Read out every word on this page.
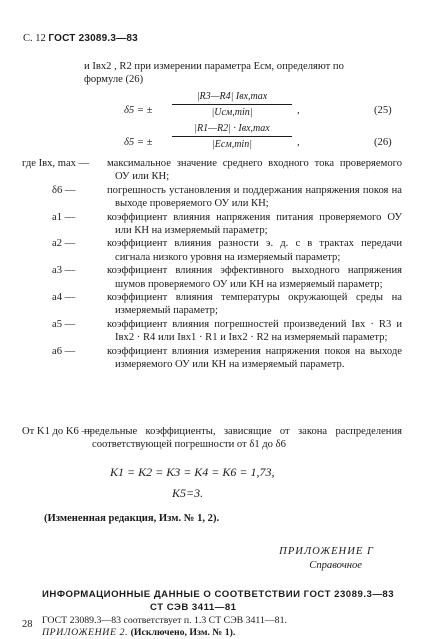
С. 12 ГОСТ 23089.3—83
и Iвх2 , R2 при измерении параметра Eсм, определяют по
формуле (26)
δ5 = ±
|R3—R4| Iвх,max
|Uсм,min|	,	(25)
δ5 = ±
|R1—R2| · Iвх,max
|Eсм,min|	,	(26)
где Iвх, max — максимальное значение среднего входного тока проверяемого ОУ или КН;
δ6 —	погрешность установления и поддержания напряжения покоя на выходе проверяемого ОУ или КН;
a1 —	коэффициент влияния напряжения питания проверяемого ОУ или КН на измеряемый параметр;
a2 —	коэффициент влияния разности э. д. с в трактах передачи сигнала низкого уровня на измеряемый параметр;
a3 —	коэффициент влияния эффективного выходного напряжения шумов проверяемого ОУ или КН на измеряемый параметр;
a4 —	коэффициент влияния температуры окружающей среды на измеряемый параметр;
a5 —	коэффициент влияния погрешностей произведений Iвх · R3 и Iвх2 · R4 или Iвх1 · R1 и Iвх2 · R2 на измеряемый параметр;
a6 —	коэффициент влияния измерения напряжения покоя на выходе измеряемого ОУ или КН на измеряемый параметр.
От K1 до K6 —
предельные коэффициенты, зависящие от закона распределения соответствующей погрешности от δ1 до δ6
K1 = K2 = K3 = K4 = K6 = 1,73,
K5=3.
(Измененная редакция, Изм. № 1, 2).
ПРИЛОЖЕНИЕ Г
Справочное
ИНФОРМАЦИОННЫЕ ДАННЫЕ О СООТВЕТСТВИИ ГОСТ 23089.3—83
СТ СЭВ 3411—81
ГОСТ 23089.3—83 соответствует п. 1.3 СТ СЭВ 3411—81.
ПРИЛОЖЕНИЕ 2. (Исключено, Изм. № 1).
28
